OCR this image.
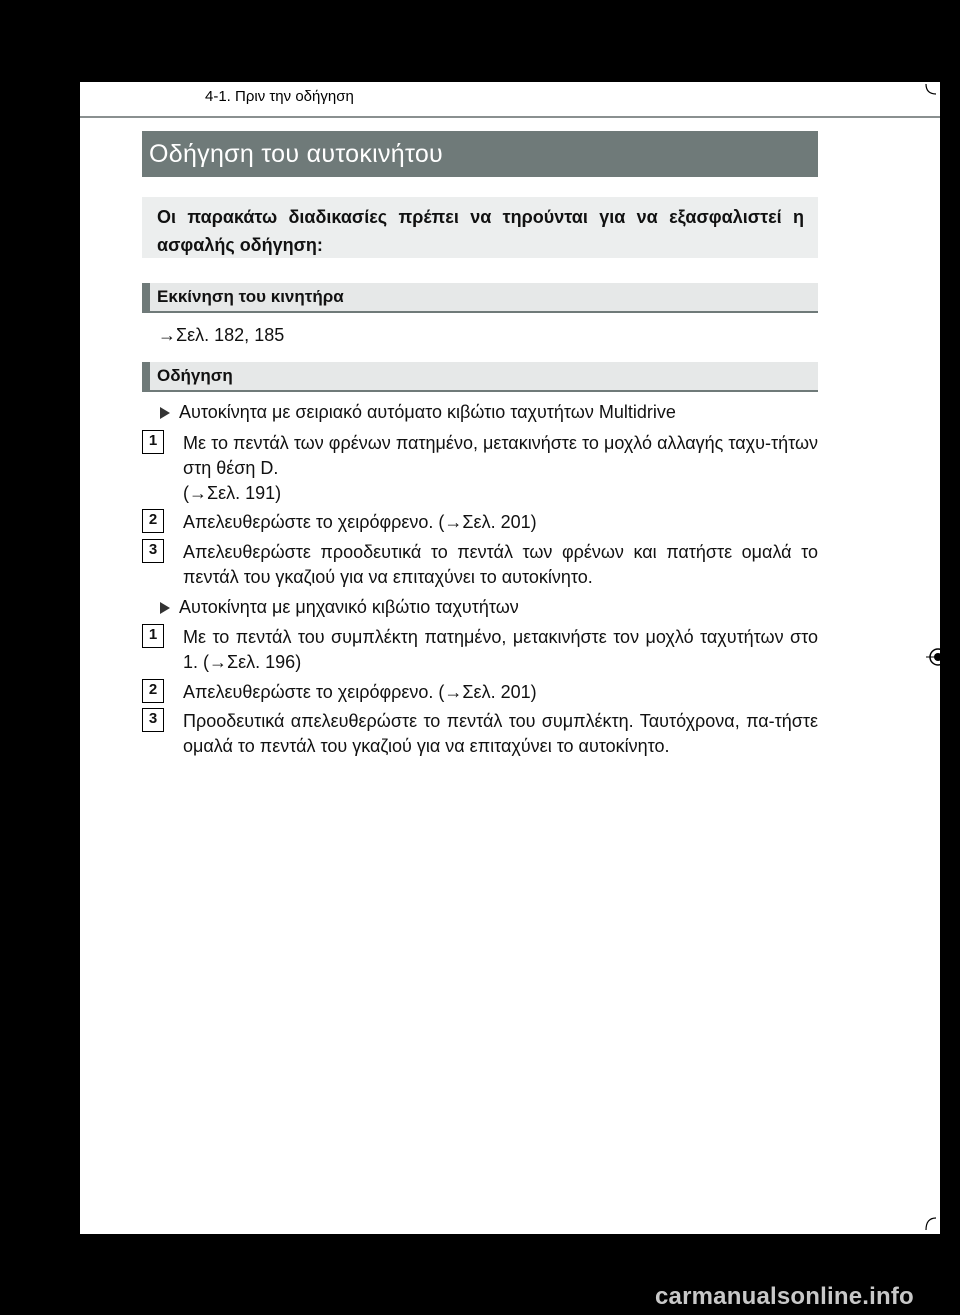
4-1. Πριν την οδήγηση
Οδήγηση του αυτοκινήτου
Οι παρακάτω διαδικασίες πρέπει να τηρούνται για να εξασφαλιστεί η ασφαλής οδήγηση:
Εκκίνηση του κινητήρα
→Σελ. 182, 185
Οδήγηση
Αυτοκίνητα με σειριακό αυτόματο κιβώτιο ταχυτήτων Multidrive
1	Με το πεντάλ των φρένων πατημένο, μετακινήστε το μοχλό αλλαγής ταχυ-τήτων στη θέση D.
(→Σελ. 191)
2	Απελευθερώστε το χειρόφρενο. (→Σελ. 201)
3	Απελευθερώστε προοδευτικά το πεντάλ των φρένων και πατήστε ομαλά το πεντάλ του γκαζιού για να επιταχύνει το αυτοκίνητο.
Αυτοκίνητα με μηχανικό κιβώτιο ταχυτήτων
1	Με το πεντάλ του συμπλέκτη πατημένο, μετακινήστε τον μοχλό ταχυτήτων στο 1. (→Σελ. 196)
2	Απελευθερώστε το χειρόφρενο. (→Σελ. 201)
3	Προοδευτικά απελευθερώστε το πεντάλ του συμπλέκτη. Ταυτόχρονα, πα-τήστε ομαλά το πεντάλ του γκαζιού για να επιταχύνει το αυτοκίνητο.
carmanualsonline.info
